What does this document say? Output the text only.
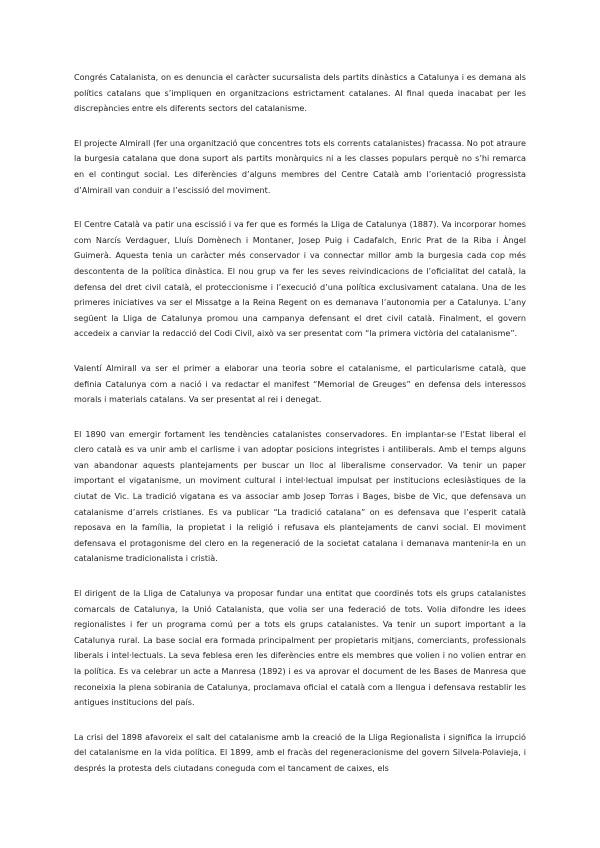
Congrés Catalanista, on es denuncia el caràcter sucursalista dels partits dinàstics a Catalunya i es demana als polítics catalans que s’impliquen en organitzacions estrictament catalanes. Al final queda inacabat per les discrepàncies entre els diferents sectors del catalanisme.

El projecte Almirall (fer una organització que concentres tots els corrents catalanistes) fracassa. No pot atraure la burgesia catalana que dona suport als partits monàrquics ni a les classes populars perquè no s’hi remarca en el contingut social. Les diferències d’alguns membres del Centre Català amb l’orientació progressista d’Almirall van conduir a l’escissió del moviment.

El Centre Català va patir una escissió i va fer que es formés la Lliga de Catalunya (1887). Va incorporar homes com Narcís Verdaguer, Lluís Domènech i Montaner, Josep Puig i Cadafalch, Enric Prat de la Riba i Àngel Guimerà. Aquesta tenia un caràcter més conservador i va connectar millor amb la burgesia cada cop més descontenta de la política dinàstica. El nou grup va fer les seves reivindicacions de l’oficialitat del català, la defensa del dret civil català, el proteccionisme i l’execució d’una política exclusivament catalana. Una de les primeres iniciatives va ser el Missatge a la Reina Regent on es demanava l’autonomia per a Catalunya. L’any següent la Lliga de Catalunya promou una campanya defensant el dret civil català. Finalment, el govern accedeix a canviar la redacció del Codi Civil, això va ser presentat com “la primera victòria del catalanisme”.

Valentí Almirall va ser el primer a elaborar una teoria sobre el catalanisme, el particularisme català, que definia Catalunya com a nació i va redactar el manifest “Memorial de Greuges” en defensa dels interessos morals i materials catalans. Va ser presentat al rei i denegat.

El 1890 van emergir fortament les tendències catalanistes conservadores. En implantar-se l’Estat liberal el clero català es va unir amb el carlisme i van adoptar posicions integristes i antiliberals. Amb el temps alguns van abandonar aquests plantejaments per buscar un lloc al liberalisme conservador. Va tenir un paper important el vigatanisme, un moviment cultural i intel·lectual impulsat per institucions eclesiàstiques de la ciutat de Vic. La tradició vigatana es va associar amb Josep Torras i Bages, bisbe de Vic, que defensava un catalanisme d’arrels cristianes. Es va publicar “La tradició catalana” on es defensava que l’esperit català reposava en la família, la propietat i la religió i refusava els plantejaments de canvi social. El moviment defensava el protagonisme del clero en la regeneració de la societat catalana i demanava mantenir-la en un catalanisme tradicionalista i cristià.

El dirigent de la Lliga de Catalunya va proposar fundar una entitat que coordinés tots els grups catalanistes comarcals de Catalunya, la Unió Catalanista, que volia ser una federació de tots. Volia difondre les idees regionalistes i fer un programa comú per a tots els grups catalanistes. Va tenir un suport important a la Catalunya rural. La base social era formada principalment per propietaris mitjans, comerciants, professionals liberals i intel·lectuals. La seva feblesa eren les diferències entre els membres que volien i no volien entrar en la política. Es va celebrar un acte a Manresa (1892) i es va aprovar el document de les Bases de Manresa que reconeixia la plena sobirania de Catalunya, proclamava oficial el català com a llengua i defensava restablir les antigues institucions del país.

La crisi del 1898 afavoreix el salt del catalanisme amb la creació de la Lliga Regionalista i significa la irrupció del catalanisme en la vida política. El 1899, amb el fracàs del regeneracionisme del govern Silvela-Polavieja, i després la protesta dels ciutadans coneguda com el tancament de caixes, els
